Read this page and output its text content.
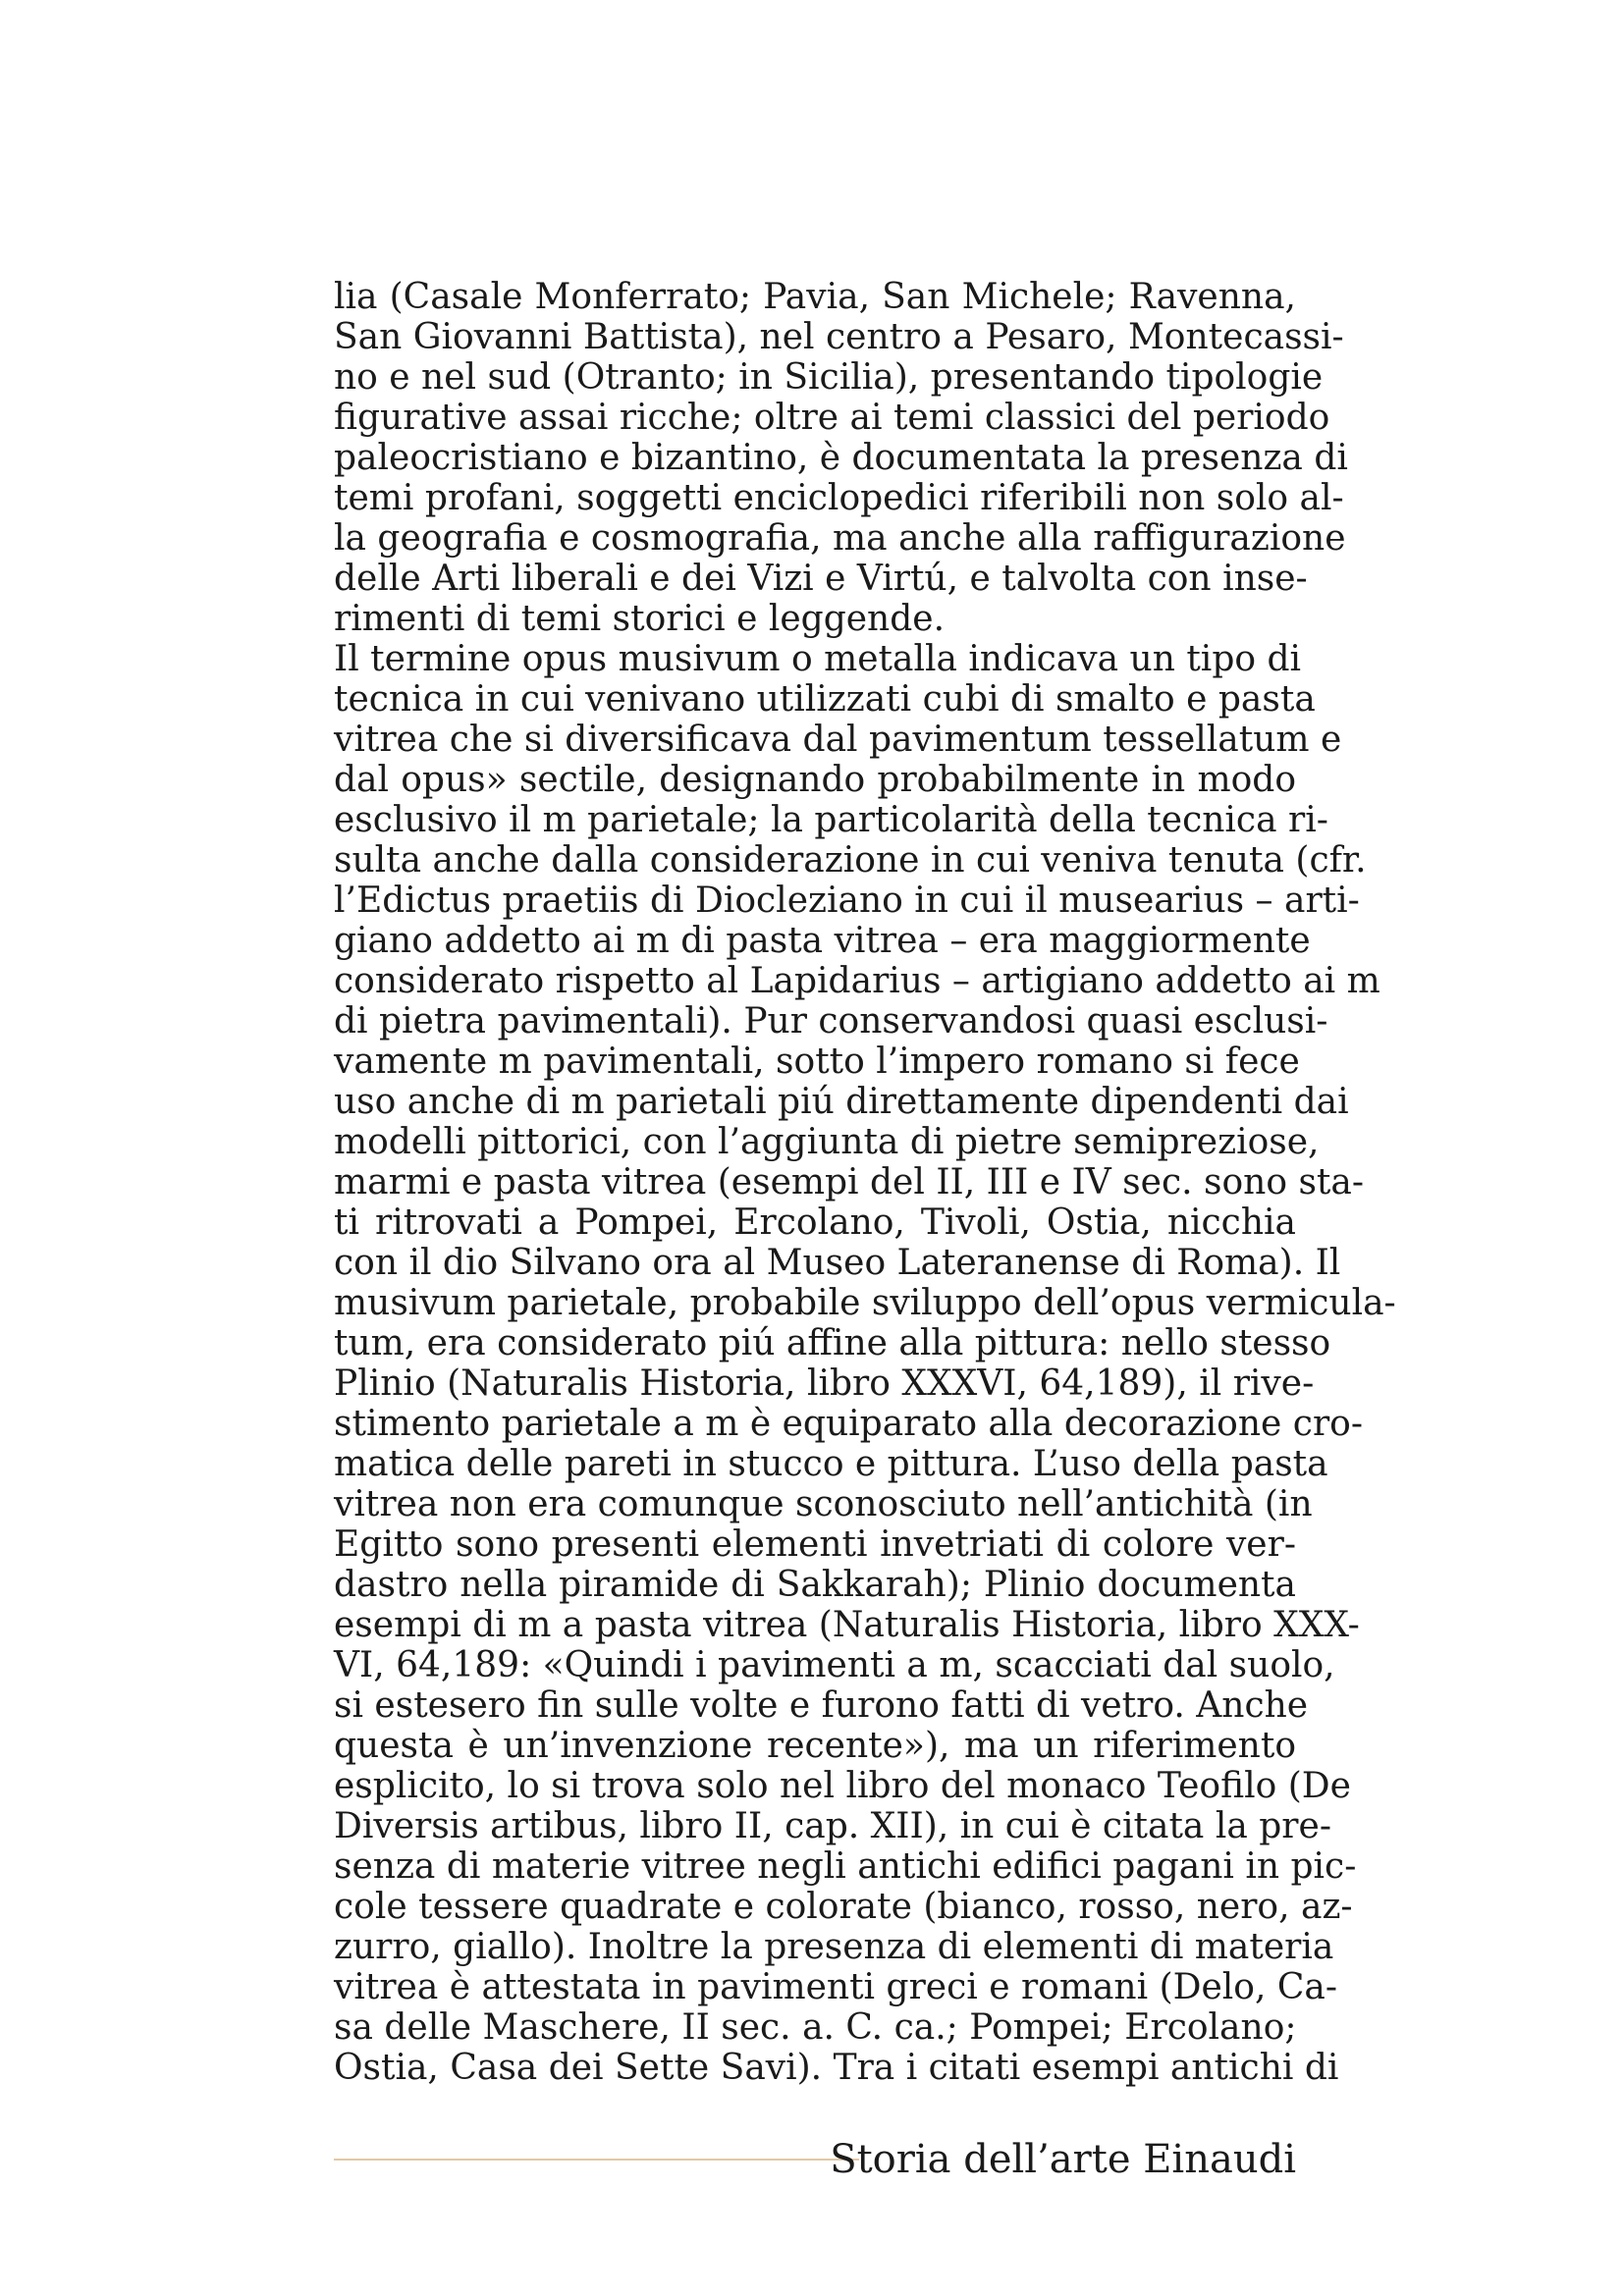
lia (Casale Monferrato; Pavia, San Michele; Ravenna,
San Giovanni Battista), nel centro a Pesaro, Montecassi-
no e nel sud (Otranto; in Sicilia), presentando tipologie
figurative assai ricche; oltre ai temi classici del periodo
paleocristiano e bizantino, è documentata la presenza di
temi profani, soggetti enciclopedici riferibili non solo al-
la geografia e cosmografia, ma anche alla raffigurazione
delle Arti liberali e dei Vizi e Virtú, e talvolta con inse-
rimenti di temi storici e leggende.
Il termine opus musivum o metalla indicava un tipo di
tecnica in cui venivano utilizzati cubi di smalto e pasta
vitrea che si diversificava dal pavimentum tessellatum e
dal opus» sectile, designando probabilmente in modo
esclusivo il m parietale; la particolarità della tecnica ri-
sulta anche dalla considerazione in cui veniva tenuta (cfr.
l’Edictus praetiis di Diocleziano in cui il musearius – arti-
giano addetto ai m di pasta vitrea – era maggiormente
considerato rispetto al Lapidarius – artigiano addetto ai m
di pietra pavimentali). Pur conservandosi quasi esclusi-
vamente m pavimentali, sotto l’impero romano si fece
uso anche di m parietali piú direttamente dipendenti dai
modelli pittorici, con l’aggiunta di pietre semipreziose,
marmi e pasta vitrea (esempi del II, III e IV sec. sono sta-
ti ritrovati a Pompei, Ercolano, Tivoli, Ostia, nicchia
con il dio Silvano ora al Museo Lateranense di Roma). Il
musivum parietale, probabile sviluppo dell’opus vermicula-
tum, era considerato piú affine alla pittura: nello stesso
Plinio (Naturalis Historia, libro XXXVI, 64,189), il rive-
stimento parietale a m è equiparato alla decorazione cro-
matica delle pareti in stucco e pittura. L’uso della pasta
vitrea non era comunque sconosciuto nell’antichità (in
Egitto sono presenti elementi invetriati di colore ver-
dastro nella piramide di Sakkarah); Plinio documenta
esempi di m a pasta vitrea (Naturalis Historia, libro XXX-
VI, 64,189: «Quindi i pavimenti a m, scacciati dal suolo,
si estesero fin sulle volte e furono fatti di vetro. Anche
questa è un’invenzione recente»), ma un riferimento
esplicito, lo si trova solo nel libro del monaco Teofilo (De
Diversis artibus, libro II, cap. XII), in cui è citata la pre-
senza di materie vitree negli antichi edifici pagani in pic-
cole tessere quadrate e colorate (bianco, rosso, nero, az-
zurro, giallo). Inoltre la presenza di elementi di materia
vitrea è attestata in pavimenti greci e romani (Delo, Ca-
sa delle Maschere, II sec. a. C. ca.; Pompei; Ercolano;
Ostia, Casa dei Sette Savi). Tra i citati esempi antichi di
Storia dell’arte Einaudi
